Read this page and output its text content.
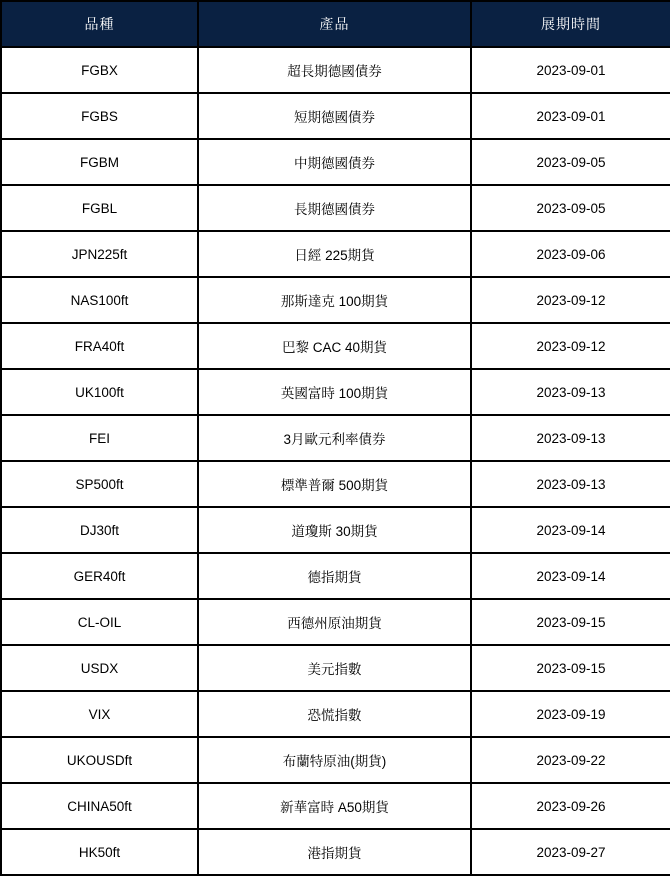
品種	產品	展期時間
FGBX	超長期德國債券	2023-09-01
FGBS	短期德國債券	2023-09-01
FGBM	中期德國債券	2023-09-05
FGBL	長期德國債券	2023-09-05
JPN225ft	日經 225期貨	2023-09-06
NAS100ft	那斯達克 100期貨	2023-09-12
FRA40ft	巴黎 CAC 40期貨	2023-09-12
UK100ft	英國富時 100期貨	2023-09-13
FEI	3月歐元利率債券	2023-09-13
SP500ft	標準普爾 500期貨	2023-09-13
DJ30ft	道瓊斯 30期貨	2023-09-14
GER40ft	德指期貨	2023-09-14
CL-OIL	西德州原油期貨	2023-09-15
USDX	美元指數	2023-09-15
VIX	恐慌指數	2023-09-19
UKOUSDft	布蘭特原油(期貨)	2023-09-22
CHINA50ft	新華富時 A50期貨	2023-09-26
HK50ft	港指期貨	2023-09-27
